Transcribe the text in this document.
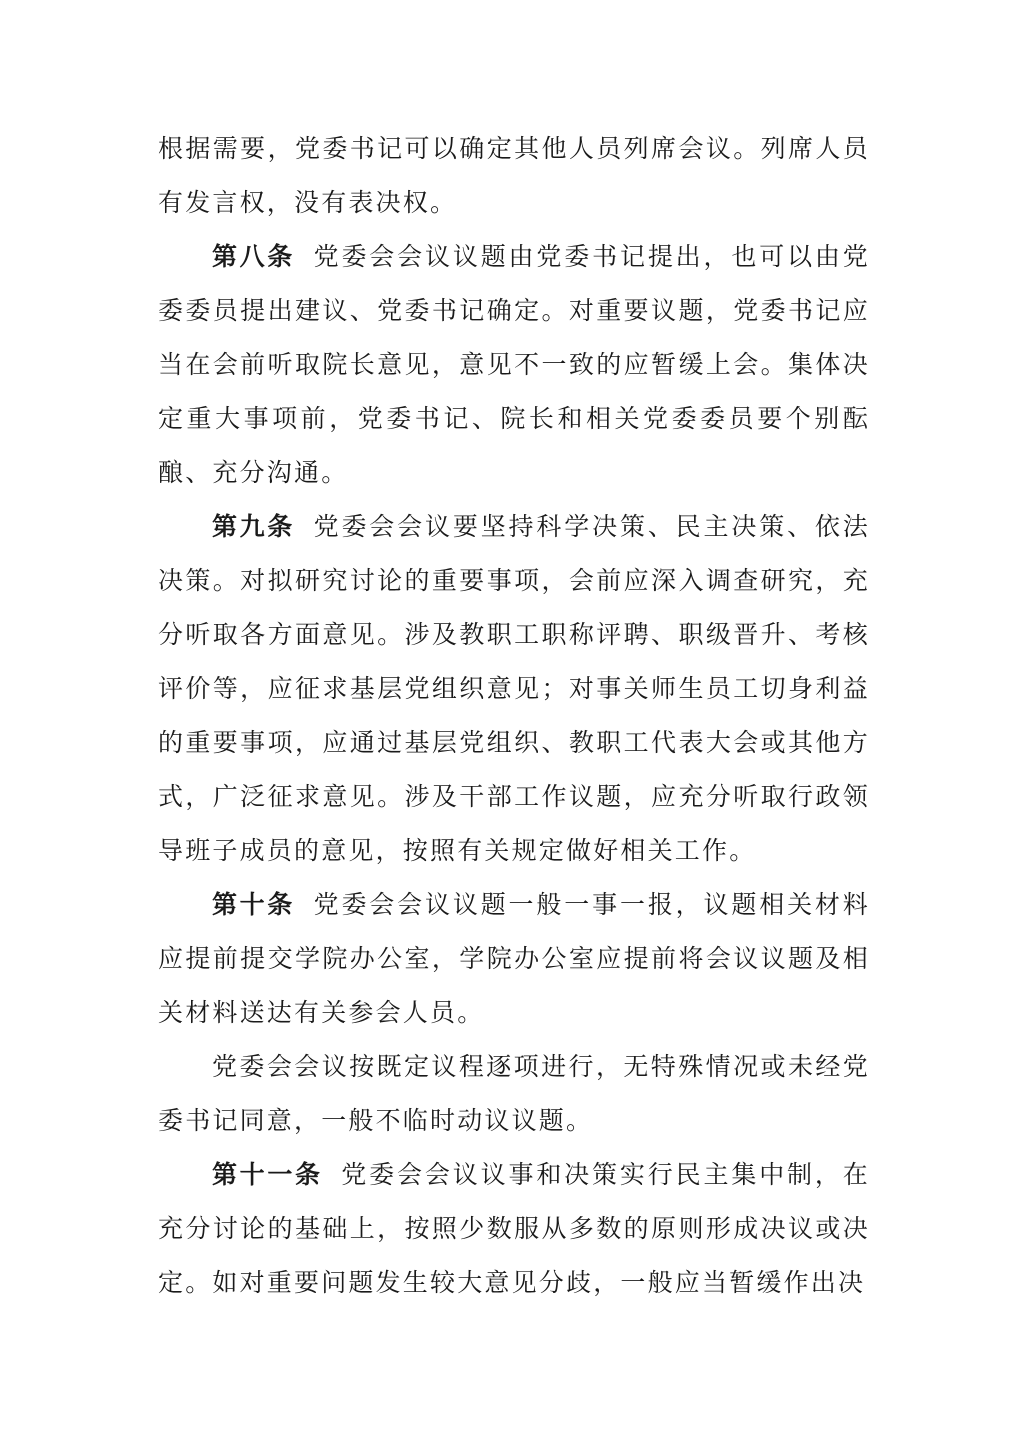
根据需要，党委书记可以确定其他人员列席会议。列席人员有发言权，没有表决权。

第八条 党委会会议议题由党委书记提出，也可以由党委委员提出建议、党委书记确定。对重要议题，党委书记应当在会前听取院长意见，意见不一致的应暂缓上会。集体决定重大事项前，党委书记、院长和相关党委委员要个别酝酿、充分沟通。

第九条 党委会会议要坚持科学决策、民主决策、依法决策。对拟研究讨论的重要事项，会前应深入调查研究，充分听取各方面意见。涉及教职工职称评聘、职级晋升、考核评价等，应征求基层党组织意见；对事关师生员工切身利益的重要事项，应通过基层党组织、教职工代表大会或其他方式，广泛征求意见。涉及干部工作议题，应充分听取行政领导班子成员的意见，按照有关规定做好相关工作。

第十条 党委会会议议题一般一事一报，议题相关材料应提前提交学院办公室，学院办公室应提前将会议议题及相关材料送达有关参会人员。

党委会会议按既定议程逐项进行，无特殊情况或未经党委书记同意，一般不临时动议议题。

第十一条 党委会会议议事和决策实行民主集中制，在充分讨论的基础上，按照少数服从多数的原则形成决议或决定。如对重要问题发生较大意见分歧，一般应当暂缓作出决
